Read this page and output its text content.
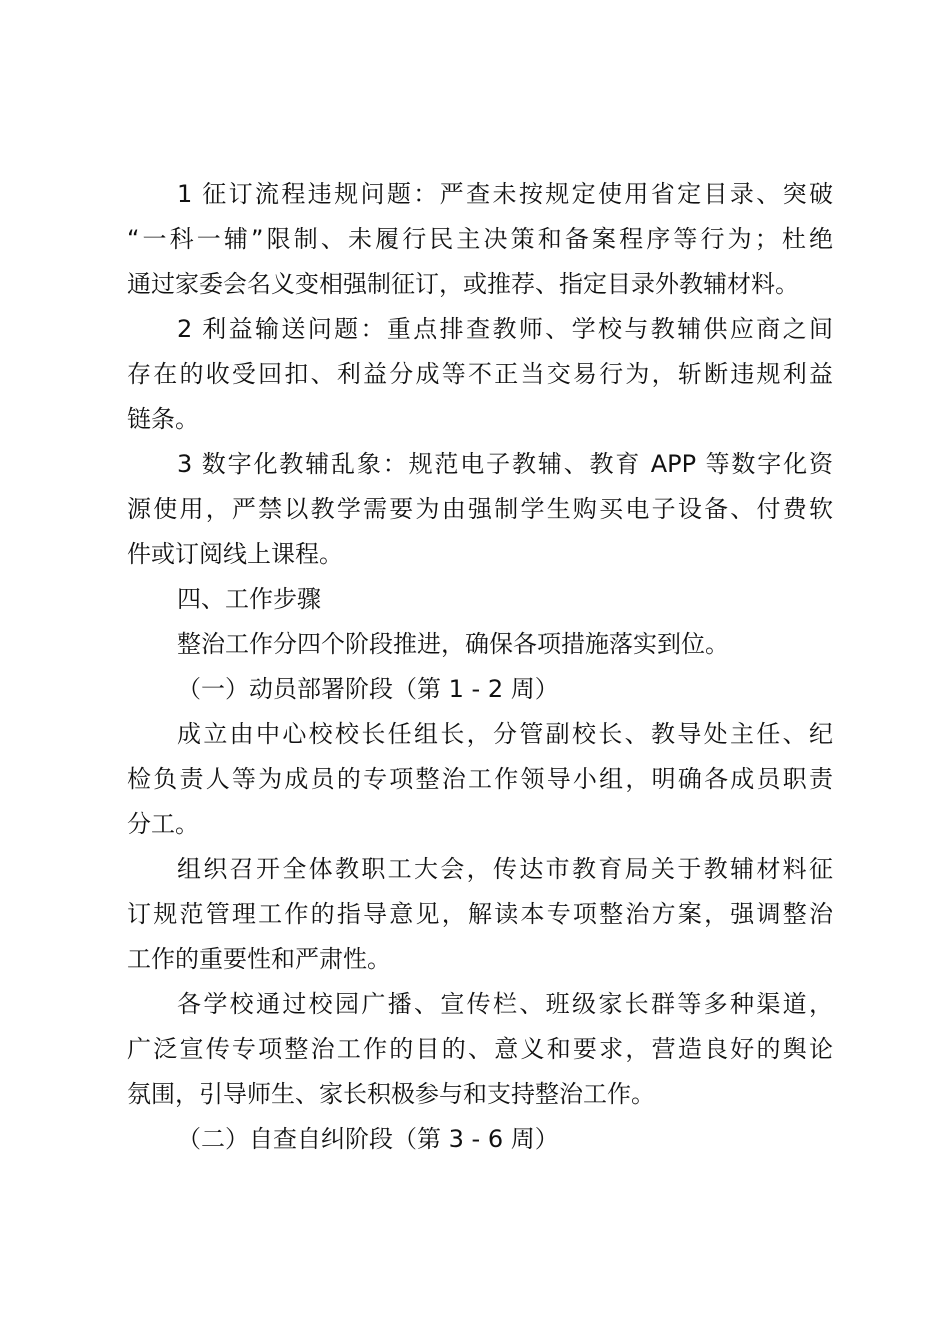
1 征订流程违规问题：严查未按规定使用省定目录、突破
“一科一辅”限制、未履行民主决策和备案程序等行为；杜绝
通过家委会名义变相强制征订，或推荐、指定目录外教辅材料。
2 利益输送问题：重点排查教师、学校与教辅供应商之间
存在的收受回扣、利益分成等不正当交易行为，斩断违规利益
链条。
3 数字化教辅乱象：规范电子教辅、教育 APP 等数字化资
源使用，严禁以教学需要为由强制学生购买电子设备、付费软
件或订阅线上课程。

四、工作步骤

整治工作分四个阶段推进，确保各项措施落实到位。

（一）动员部署阶段（第 1 - 2 周）

成立由中心校校长任组长，分管副校长、教导处主任、纪
检负责人等为成员的专项整治工作领导小组，明确各成员职责
分工。
组织召开全体教职工大会，传达市教育局关于教辅材料征
订规范管理工作的指导意见，解读本专项整治方案，强调整治
工作的重要性和严肃性。
各学校通过校园广播、宣传栏、班级家长群等多种渠道，
广泛宣传专项整治工作的目的、意义和要求，营造良好的舆论
氛围，引导师生、家长积极参与和支持整治工作。

（二）自查自纠阶段（第 3 - 6 周）
